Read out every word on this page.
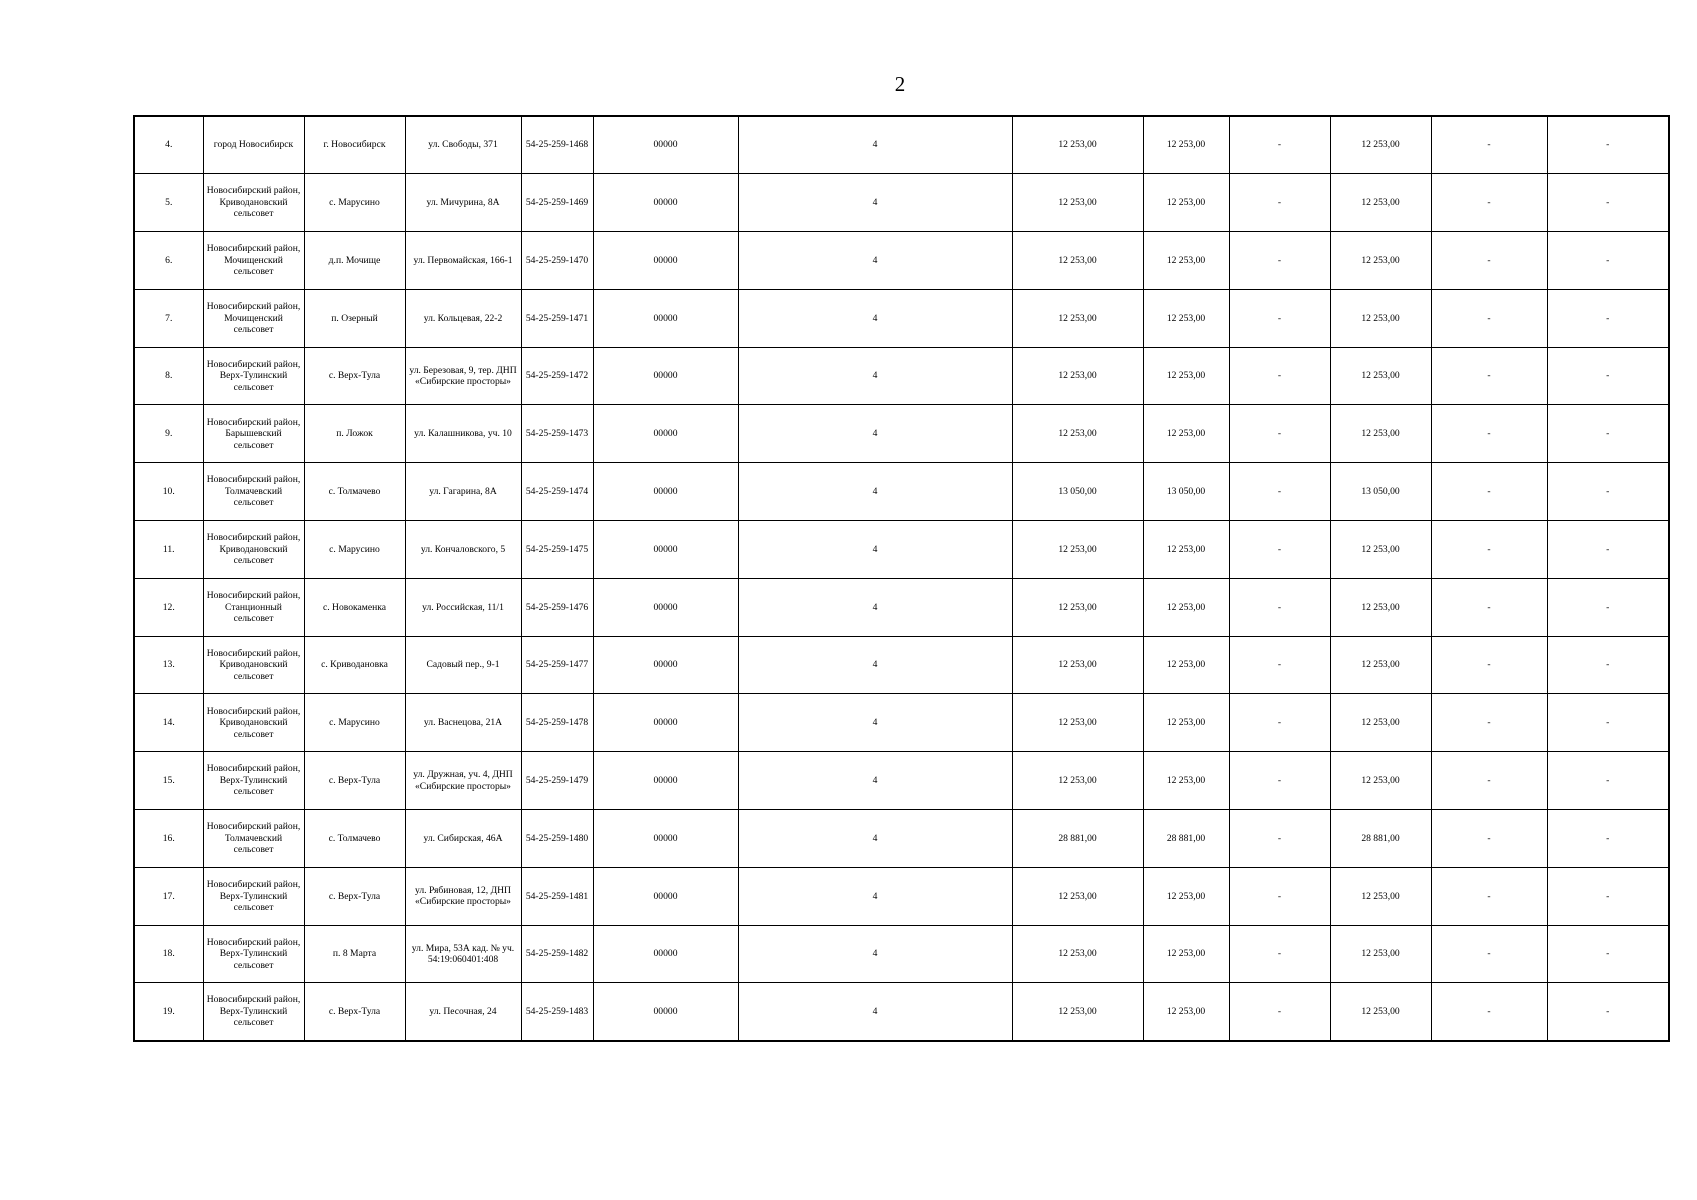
2
4.	город Новосибирск	г. Новосибирск	ул. Свободы, 371	54-25-259-1468	00000	4	12 253,00	12 253,00	-	12 253,00	-	-
5.	Новосибирский район, Криводановский сельсовет	с. Марусино	ул. Мичурина, 8А	54-25-259-1469	00000	4	12 253,00	12 253,00	-	12 253,00	-	-
6.	Новосибирский район, Мочищенский сельсовет	д.п. Мочище	ул. Первомайская, 166-1	54-25-259-1470	00000	4	12 253,00	12 253,00	-	12 253,00	-	-
7.	Новосибирский район, Мочищенский сельсовет	п. Озерный	ул. Кольцевая, 22-2	54-25-259-1471	00000	4	12 253,00	12 253,00	-	12 253,00	-	-
8.	Новосибирский район, Верх-Тулинский сельсовет	с. Верх-Тула	ул. Березовая, 9, тер. ДНП «Сибирские просторы»	54-25-259-1472	00000	4	12 253,00	12 253,00	-	12 253,00	-	-
9.	Новосибирский район, Барышевский сельсовет	п. Ложок	ул. Калашникова, уч. 10	54-25-259-1473	00000	4	12 253,00	12 253,00	-	12 253,00	-	-
10.	Новосибирский район, Толмачевский сельсовет	с. Толмачево	ул. Гагарина, 8А	54-25-259-1474	00000	4	13 050,00	13 050,00	-	13 050,00	-	-
11.	Новосибирский район, Криводановский сельсовет	с. Марусино	ул. Кончаловского, 5	54-25-259-1475	00000	4	12 253,00	12 253,00	-	12 253,00	-	-
12.	Новосибирский район, Станционный сельсовет	с. Новокаменка	ул. Российская, 11/1	54-25-259-1476	00000	4	12 253,00	12 253,00	-	12 253,00	-	-
13.	Новосибирский район, Криводановский сельсовет	с. Криводановка	Садовый пер., 9-1	54-25-259-1477	00000	4	12 253,00	12 253,00	-	12 253,00	-	-
14.	Новосибирский район, Криводановский сельсовет	с. Марусино	ул. Васнецова, 21А	54-25-259-1478	00000	4	12 253,00	12 253,00	-	12 253,00	-	-
15.	Новосибирский район, Верх-Тулинский сельсовет	с. Верх-Тула	ул. Дружная, уч. 4, ДНП «Сибирские просторы»	54-25-259-1479	00000	4	12 253,00	12 253,00	-	12 253,00	-	-
16.	Новосибирский район, Толмачевский сельсовет	с. Толмачево	ул. Сибирская, 46А	54-25-259-1480	00000	4	28 881,00	28 881,00	-	28 881,00	-	-
17.	Новосибирский район, Верх-Тулинский сельсовет	с. Верх-Тула	ул. Рябиновая, 12, ДНП «Сибирские просторы»	54-25-259-1481	00000	4	12 253,00	12 253,00	-	12 253,00	-	-
18.	Новосибирский район, Верх-Тулинский сельсовет	п. 8 Марта	ул. Мира, 53А кад. № уч. 54:19:060401:408	54-25-259-1482	00000	4	12 253,00	12 253,00	-	12 253,00	-	-
19.	Новосибирский район, Верх-Тулинский сельсовет	с. Верх-Тула	ул. Песочная, 24	54-25-259-1483	00000	4	12 253,00	12 253,00	-	12 253,00	-	-
